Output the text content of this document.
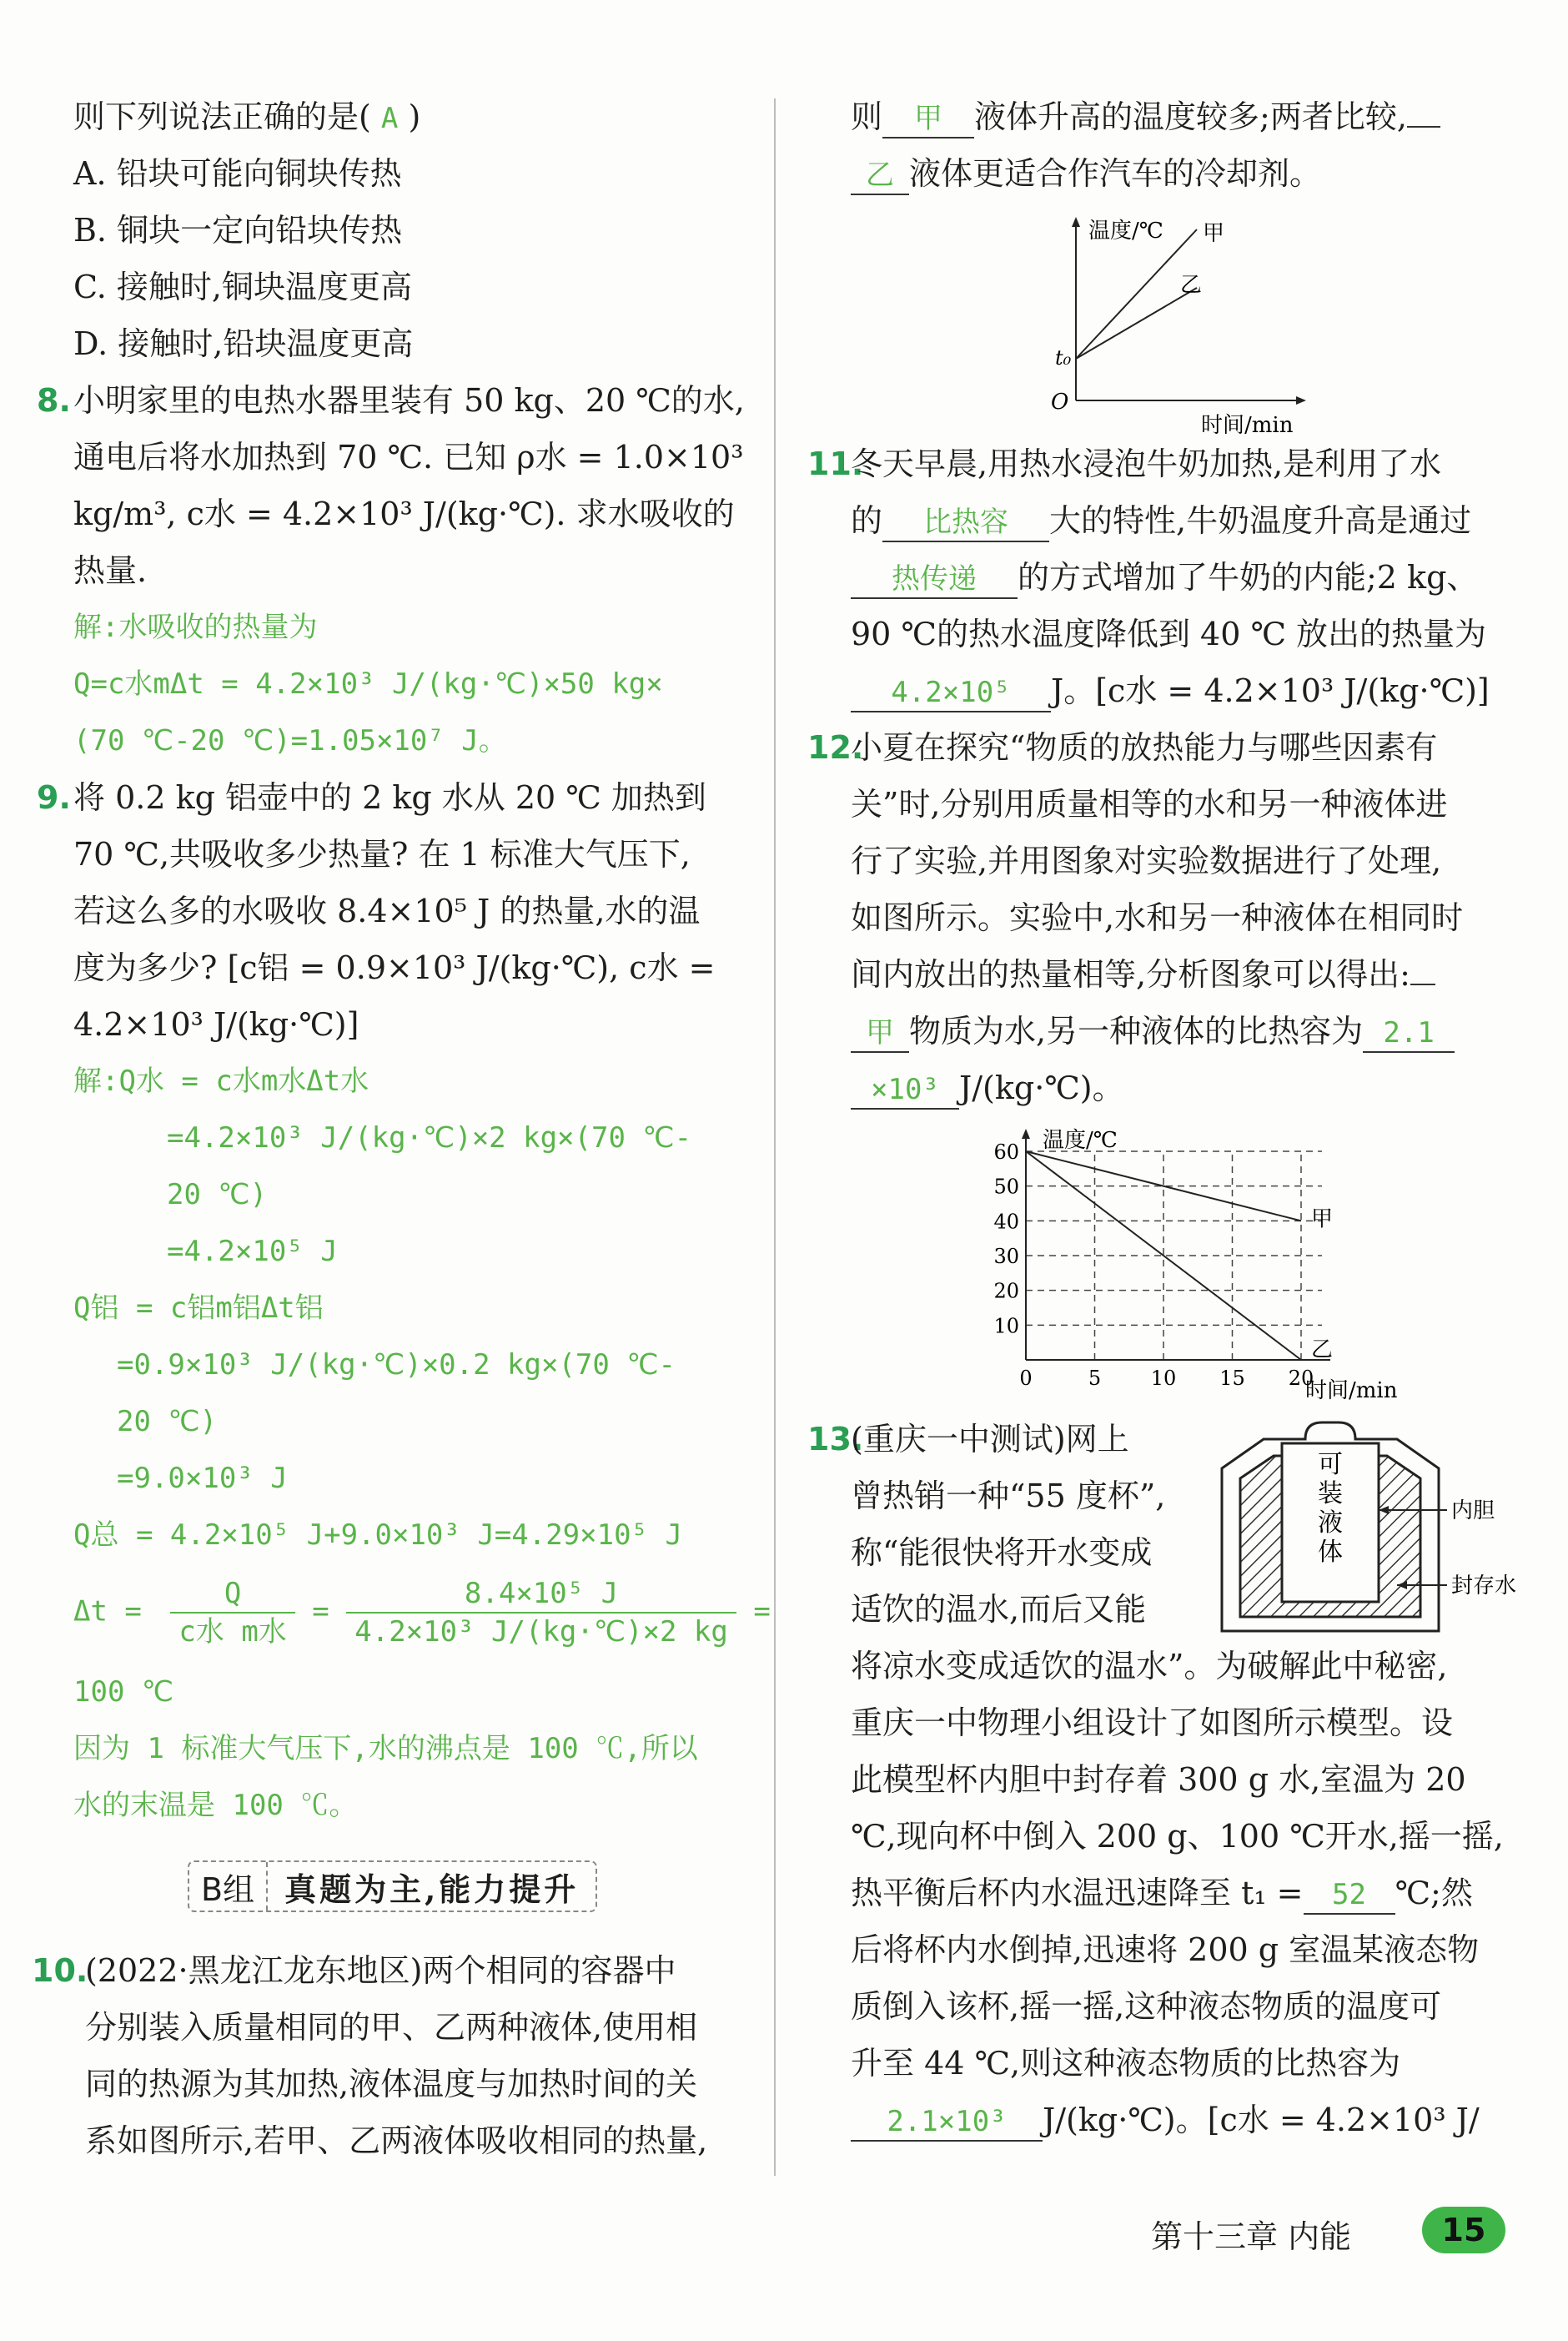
则下列说法正确的是( A )
A. 铅块可能向铜块传热
B. 铜块一定向铅块传热
C. 接触时,铜块温度更高
D. 接触时,铅块温度更高
8. 小明家里的电热水器里装有 50 kg、20 ℃的水,
通电后将水加热到 70 ℃. 已知 ρ水 = 1.0×10³
kg/m³, c水 = 4.2×10³ J/(kg·℃). 求水吸收的
热量.
解:水吸收的热量为
Q=c水mΔt = 4.2×10³ J/(kg·℃)×50 kg×
(70 ℃-20 ℃)=1.05×10⁷ J。
9. 将 0.2 kg 铝壶中的 2 kg 水从 20 ℃ 加热到
70 ℃,共吸收多少热量? 在 1 标准大气压下,
若这么多的水吸收 8.4×10⁵ J 的热量,水的温
度为多少? [c铝 = 0.9×10³ J/(kg·℃), c水 =
4.2×10³ J/(kg·℃)]
解:Q水 = c水m水Δt水
=4.2×10³ J/(kg·℃)×2 kg×(70 ℃-
20 ℃)
=4.2×10⁵ J
Q铝 = c铝m铝Δt铝
=0.9×10³ J/(kg·℃)×0.2 kg×(70 ℃-
20 ℃)
=9.0×10³ J
Q总 = 4.2×10⁵ J+9.0×10³ J=4.29×10⁵ J
$\Delta t = \frac{Q}{\text{c水 m水}} = \frac{\text{8.4×10⁵ J}}{\text{4.2×10³ J/(kg·℃)×2 kg}}$ =
100 ℃
因为 1 标准大气压下,水的沸点是 100 ℃,所以
水的末温是 100 ℃。
B组 真题为主,能力提升
10.
(2022·黑龙江龙东地区)两个相同的容器中
分别装入质量相同的甲、乙两种液体,使用相
同的热源为其加热,液体温度与加热时间的关
系如图所示,若甲、乙两液体吸收相同的热量,
则 甲 液体升高的温度较多;两者比较,
乙 液体更适合作汽车的冷却剂。
温度/℃ 甲
乙
t₀
O
时间/min
11.
冬天早晨,用热水浸泡牛奶加热,是利用了水
的 比热容 大的特性,牛奶温度升高是通过
热传递 的方式增加了牛奶的内能;2 kg、
90 ℃的热水温度降低到 40 ℃ 放出的热量为
4.2×10⁵ J。[c水 = 4.2×10³ J/(kg·℃)]
12.
小夏在探究“物质的放热能力与哪些因素有
关”时,分别用质量相等的水和另一种液体进
行了实验,并用图象对实验数据进行了处理,
如图所示。实验中,水和另一种液体在相同时
间内放出的热量相等,分析图象可以得出:
甲 物质为水,另一种液体的比热容为 2.1
×10³ J/(kg·℃)。
10
20
30
40
50
60
0	5 10 15 20
甲
乙
温度/℃
时间/min
13.
(重庆一中测试)网上
曾热销一种“55 度杯”,
称“能很快将开水变成
适饮的温水,而后又能
可
装
液
体
内胆
封存水
将凉水变成适饮的温水”。为破解此中秘密,
重庆一中物理小组设计了如图所示模型。设
此模型杯内胆中封存着 300 g 水,室温为 20
℃,现向杯中倒入 200 g、100 ℃开水,摇一摇,
热平衡后杯内水温迅速降至 t₁ = 52 ℃;然
后将杯内水倒掉,迅速将 200 g 室温某液态物
质倒入该杯,摇一摇,这种液态物质的温度可
升至 44 ℃,则这种液态物质的比热容为
2.1×10³ J/(kg·℃)。[c水 = 4.2×10³ J/
第十三章 内能	15
